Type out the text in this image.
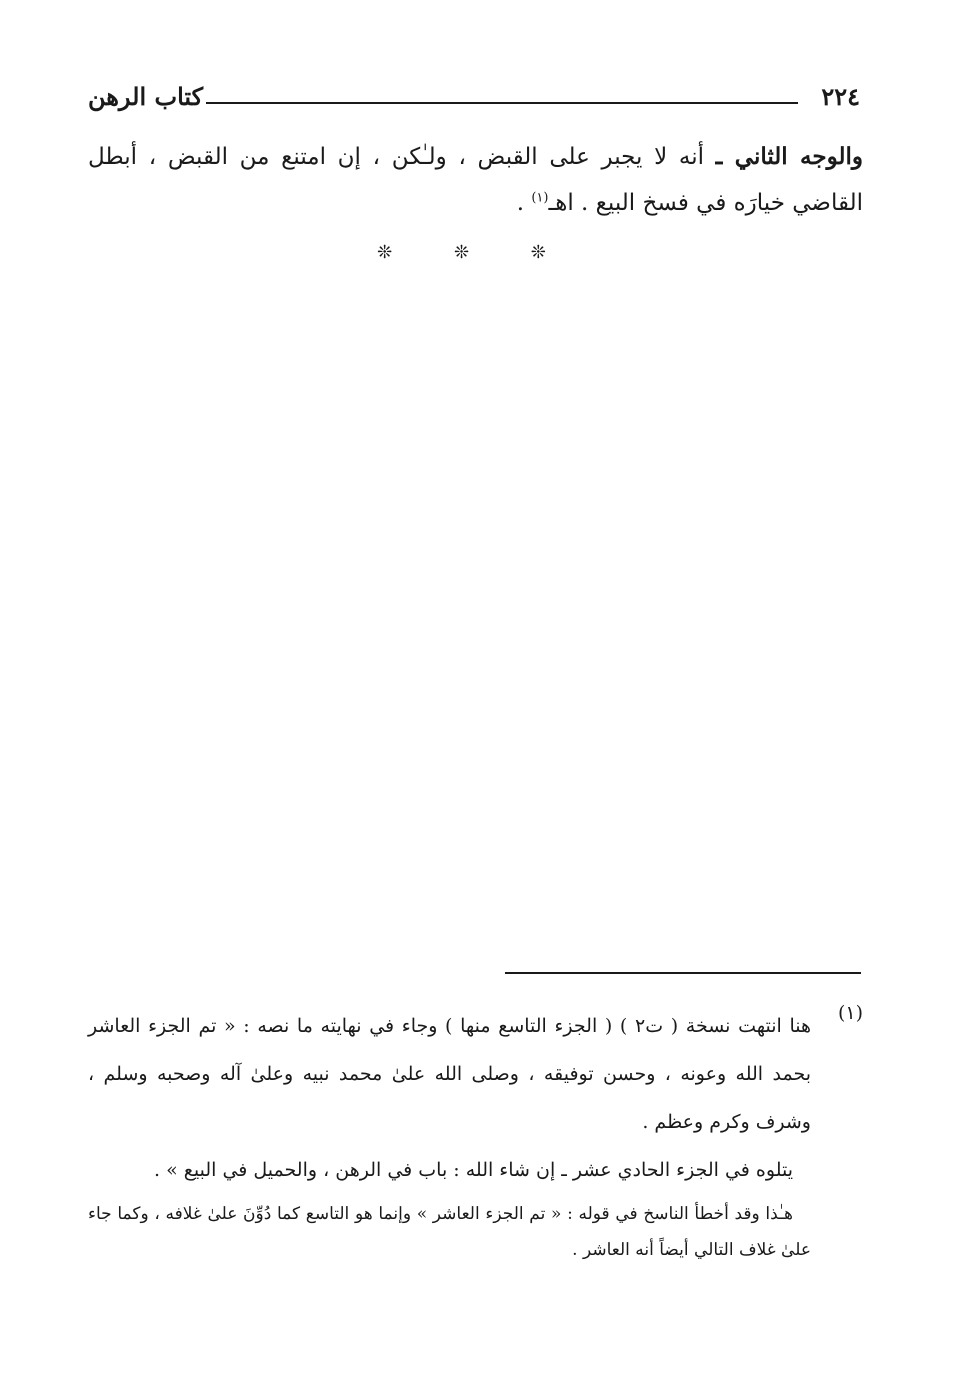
٢٢٤
كتاب الرهن
والوجه الثاني ـ أنه لا يجبر على القبض ، ولـٰكن ، إن امتنع من القبض ، أبطل القاضي خيارَه في فسخ البيع . اهـ$^{(١)}$ .
❊ ❊ ❊
(١)

هنا انتهت نسخة ( ت٢ ) ( الجزء التاسع منها ) وجاء في نهايته ما نصه : « تم الجزء العاشر بحمد الله وعونه ، وحسن توفيقه ، وصلى الله علىٰ محمد نبيه وعلىٰ آله وصحبه وسلم ، وشرف وكرم وعظم .

يتلوه في الجزء الحادي عشر ـ إن شاء الله : باب في الرهن ، والحميل في البيع » .

هـٰذا وقد أخطأ الناسخ في قوله : « تم الجزء العاشر » وإنما هو التاسع كما دُوِّنَ علىٰ غلافه ، وكما جاء علىٰ غلاف التالي أيضاً أنه العاشر .
